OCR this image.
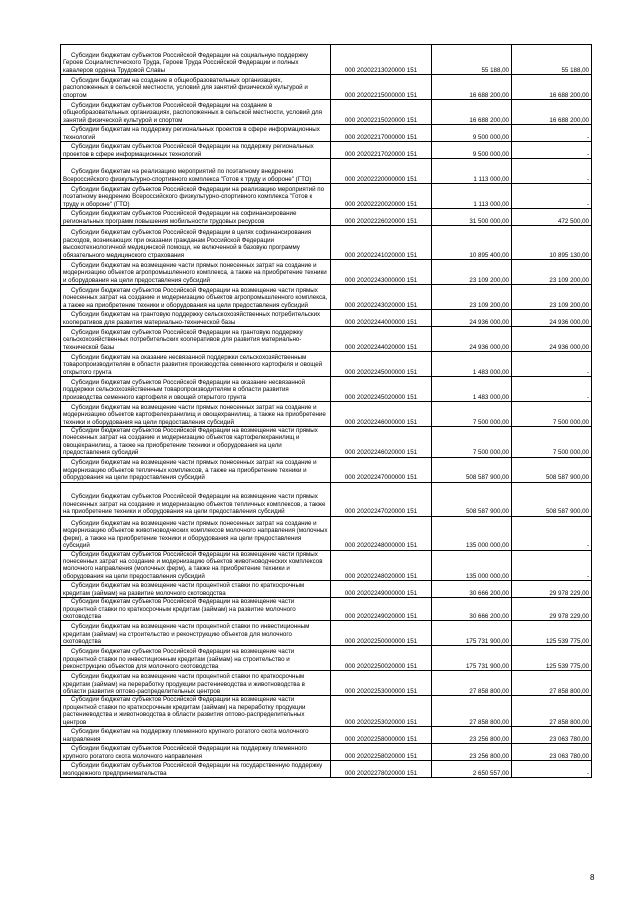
Субсидии бюджетам субъектов Российской Федерации на социальную поддержку Героев Социалистического Труда, Героев Труда Российской Федерации и полных кавалеров ордена Трудовой Славы	000 20202213020000 151	55 188,00	55 188,00
Субсидии бюджетам на создание в общеобразовательных организациях, расположенных в сельской местности, условий для занятий физической культурой и спортом	000 20202215000000 151	16 688 200,00	16 688 200,00
Субсидии бюджетам субъектов Российской Федерации на создание в общеобразовательных организациях, расположенных в сельской местности, условий для занятий физической культурой и спортом	000 20202215020000 151	16 688 200,00	16 688 200,00
Субсидии бюджетам на поддержку региональных проектов в сфере информационных технологий	000 20202217000000 151	9 500 000,00	-
Субсидии бюджетам субъектов Российской Федерации на поддержку региональных проектов в сфере информационных технологий	000 20202217020000 151	9 500 000,00	-
Субсидии бюджетам на реализацию мероприятий по поэтапному внедрению Всероссийского физкультурно-спортивного комплекса "Готов к труду и обороне" (ГТО)	000 20202220000000 151	1 113 000,00	-
Субсидии бюджетам субъектов Российской Федерации на реализацию мероприятий по поэтапному внедрению Всероссийского физкультурно-спортивного комплекса "Готов к труду и обороне" (ГТО)	000 20202220020000 151	1 113 000,00	-
Субсидии бюджетам субъектов Российской Федерации на софинансирование региональных программ повышения мобильности трудовых ресурсов	000 20202226020000 151	31 500 000,00	472 500,00
Субсидии бюджетам субъектов Российской Федерации в целях софинансирования расходов, возникающих при оказании гражданам Российской Федерации высокотехнологичной медицинской помощи, не включенной в базовую программу обязательного медицинского страхования	000 20202241020000 151	10 895 400,00	10 895 130,00
Субсидии бюджетам на возмещение части прямых понесенных затрат на создание и модернизацию объектов агропромышленного комплекса, а также на приобретение техники и оборудования на цели предоставления субсидий	000 20202243000000 151	23 109 200,00	23 109 200,00
Субсидии бюджетам субъектов Российской Федерации на возмещение части прямых понесенных затрат на создание и модернизацию объектов агропромышленного комплекса, а также на приобретение техники и оборудования на цели предоставления субсидий	000 20202243020000 151	23 109 200,00	23 109 200,00
Субсидии бюджетам на грантовую поддержку сельскохозяйственных потребительских кооперативов для развития материально-технической базы	000 20202244000000 151	24 936 000,00	24 936 000,00
Субсидии бюджетам субъектов Российской Федерации на грантовую поддержку сельскохозяйственных потребительских кооперативов для развития материально-технической базы	000 20202244020000 151	24 936 000,00	24 936 000,00
Субсидии бюджетам на оказание несвязанной поддержки сельскохозяйственным товаропроизводителям в области развития производства семенного картофеля и овощей открытого грунта	000 20202245000000 151	1 483 000,00	-
Субсидии бюджетам субъектов Российской Федерации на оказание несвязанной поддержки сельскохозяйственным товаропроизводителям в области развития производства семенного картофеля и овощей открытого грунта	000 20202245020000 151	1 483 000,00	-
Субсидии бюджетам на возмещение части прямых понесенных затрат на создание и модернизацию объектов картофелехранилищ и овощехранилищ, а также на приобретение техники и оборудования на цели предоставления субсидий	000 20202246000000 151	7 500 000,00	7 500 000,00
Субсидии бюджетам субъектов Российской Федерации на возмещение части прямых понесенных затрат на создание и модернизацию объектов картофелехранилищ и овощехранилищ, а также на приобретение техники и оборудования на цели предоставления субсидий	000 20202246020000 151	7 500 000,00	7 500 000,00
Субсидии бюджетам на возмещение части прямых понесенных затрат на создание и модернизацию объектов тепличных комплексов, а также на приобретение техники и оборудования на цели предоставления субсидий	000 20202247000000 151	508 587 900,00	508 587 900,00
Субсидии бюджетам субъектов Российской Федерации на возмещение части прямых понесенных затрат на создание и модернизацию объектов тепличных комплексов, а также на приобретение техники и оборудования на цели предоставления субсидий	000 20202247020000 151	508 587 900,00	508 587 900,00
Субсидии бюджетам на возмещение части прямых понесенных затрат на создание и модернизацию объектов животноводческих комплексов молочного направления (молочных ферм), а также на приобретение техники и оборудования на цели предоставления субсидий	000 20202248000000 151	135 000 000,00	-
Субсидии бюджетам субъектов Российской Федерации на возмещение части прямых понесенных затрат на создание и модернизацию объектов животноводческих комплексов молочного направления (молочных ферм), а также на приобретение техники и оборудования на цели предоставления субсидий	000 20202248020000 151	135 000 000,00	-
Субсидии бюджетам на возмещение части процентной ставки по краткосрочным кредитам (займам) на развитие молочного скотоводства	000 20202249000000 151	30 666 200,00	29 978 229,00
Субсидии бюджетам субъектов Российской Федерации на возмещение части процентной ставки по краткосрочным кредитам (займам) на развитие молочного скотоводства	000 20202249020000 151	30 666 200,00	29 978 229,00
Субсидии бюджетам на возмещение части процентной ставки по инвестиционным кредитам (займам) на строительство и реконструкцию объектов для молочного скотоводства	000 20202250000000 151	175 731 900,00	125 539 775,00
Субсидии бюджетам субъектов Российской Федерации на возмещение части процентной ставки по инвестиционным кредитам (займам) на строительство и реконструкцию объектов для молочного скотоводства	000 20202250020000 151	175 731 900,00	125 539 775,00
Субсидии бюджетам на возмещение части процентной ставки по краткосрочным кредитам (займам) на переработку продукции растениеводства и животноводства в области развития оптово-распределительных центров	000 20202253000000 151	27 858 800,00	27 858 800,00
Субсидии бюджетам субъектов Российской Федерации на возмещение части процентной ставки по краткосрочным кредитам (займам) на переработку продукции растениеводства и животноводства в области развития оптово-распределительных центров	000 20202253020000 151	27 858 800,00	27 858 800,00
Субсидии бюджетам на поддержку племенного крупного рогатого скота молочного направления	000 20202258000000 151	23 256 800,00	23 063 780,00
Субсидии бюджетам субъектов Российской Федерации на поддержку племенного крупного рогатого скота молочного направления	000 20202258020000 151	23 256 800,00	23 063 780,00
Субсидии бюджетам субъектов Российской Федерации на государственную поддержку молодежного предпринимательства	000 20202278020000 151	2 650 557,00	-
8
